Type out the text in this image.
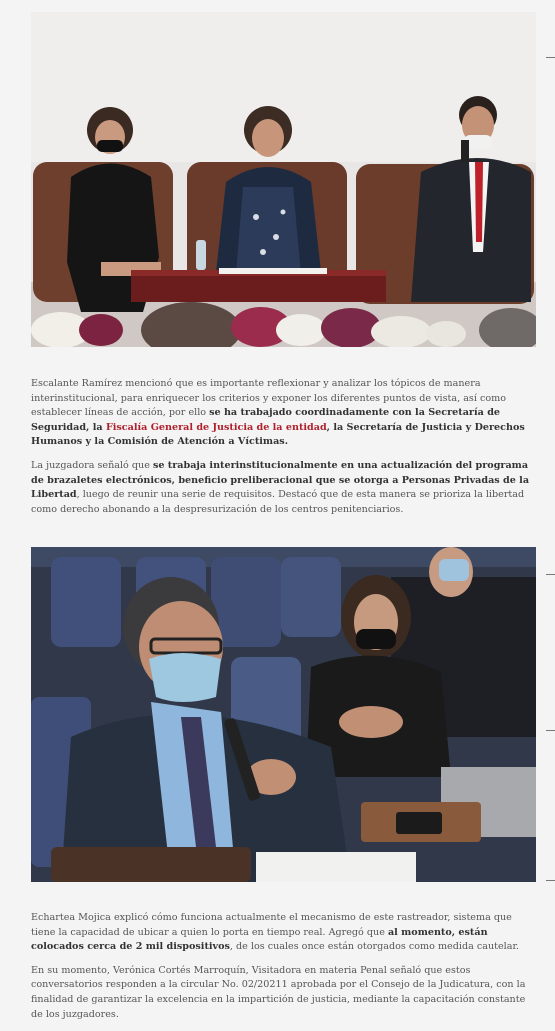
Escalante Ramírez mencionó que es importante reflexionar y analizar los tópicos de manera interinstitucional, para enriquecer los criterios y exponer los diferentes puntos de vista, así como establecer líneas de acción, por ello se ha trabajado coordinadamente con la Secretaría de Seguridad, la Fiscalía General de Justicia de la entidad, la Secretaría de Justicia y Derechos Humanos y la Comisión de Atención a Víctimas.

La juzgadora señaló que se trabaja interinstitucionalmente en una actualización del programa de brazaletes electrónicos, beneficio preliberacional que se otorga a Personas Privadas de la Libertad, luego de reunir una serie de requisitos. Destacó que de esta manera se prioriza la libertad como derecho abonando a la despresurización de los centros penitenciarios.

Echartea Mojica explicó cómo funciona actualmente el mecanismo de este rastreador, sistema que tiene la capacidad de ubicar a quien lo porta en tiempo real. Agregó que al momento, están colocados cerca de 2 mil dispositivos, de los cuales once están otorgados como medida cautelar.

En su momento, Verónica Cortés Marroquín, Visitadora en materia Penal señaló que estos conversatorios responden a la circular No. 02/20211 aprobada por el Consejo de la Judicatura, con la finalidad de garantizar la excelencia en la impartición de justicia, mediante la capacitación constante de los juzgadores.
